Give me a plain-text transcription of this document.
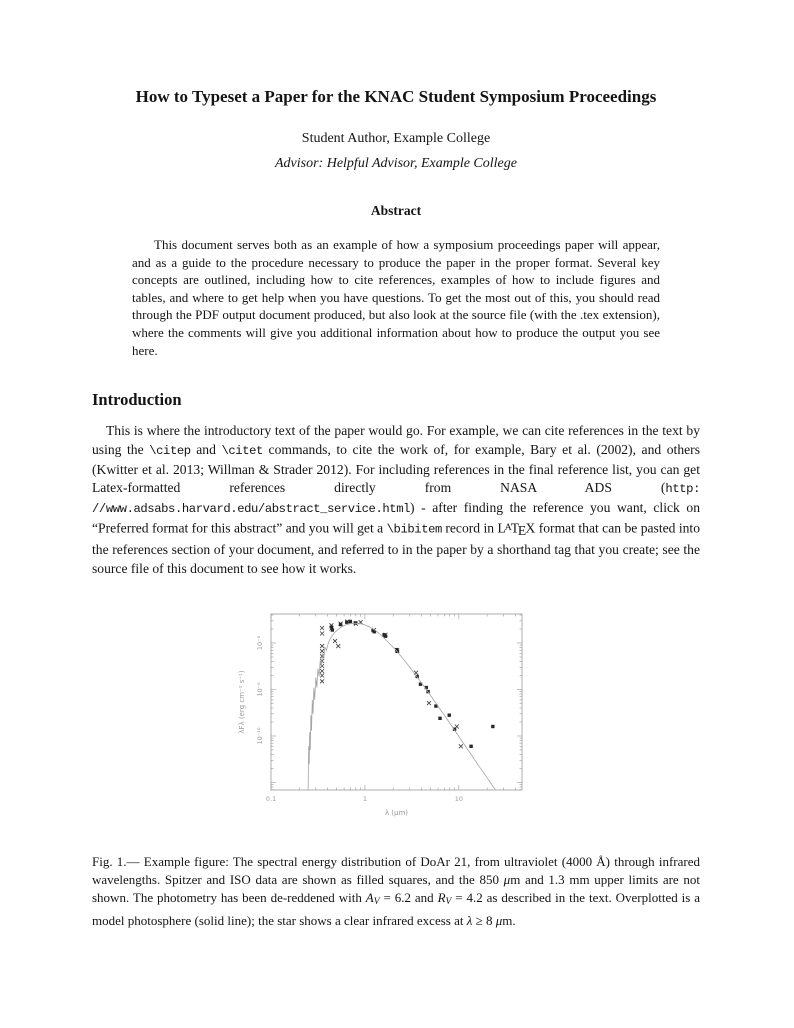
How to Typeset a Paper for the KNAC Student Symposium Proceedings
Student Author, Example College
Advisor: Helpful Advisor, Example College
Abstract
This document serves both as an example of how a symposium proceedings paper will appear, and as a guide to the procedure necessary to produce the paper in the proper format. Several key concepts are outlined, including how to cite references, examples of how to include figures and tables, and where to get help when you have questions. To get the most out of this, you should read through the PDF output document produced, but also look at the source file (with the .tex extension), where the comments will give you additional information about how to produce the output you see here.
Introduction
This is where the introductory text of the paper would go. For example, we can cite references in the text by using the \citep and \citet commands, to cite the work of, for example, Bary et al. (2002), and others (Kwitter et al. 2013; Willman & Strader 2012). For including references in the final reference list, you can get Latex-formatted references directly from NASA ADS (http://www.adsabs.harvard.edu/abstract_service.html) - after finding the reference you want, click on “Preferred format for this abstract” and you will get a \bibitem record in $L^ATEX$ format that can be pasted into the references section of your document, and referred to in the paper by a shorthand tag that you create; see the source file of this document to see how it works.
0.1	1	10
10⁻⁸
10⁻⁹
10⁻¹⁰
λ (μm)
λFλ (erg cm⁻² s⁻¹)

Fig. 1.— Example figure: The spectral energy distribution of DoAr 21, from ultraviolet (4000 Å) through infrared wavelengths. Spitzer and ISO data are shown as filled squares, and the 850 μm and 1.3 mm upper limits are not shown. The photometry has been de-reddened with AV = 6.2 and RV = 4.2 as described in the text. Overplotted is a model photosphere (solid line); the star shows a clear infrared excess at λ ≥ 8 μm.
